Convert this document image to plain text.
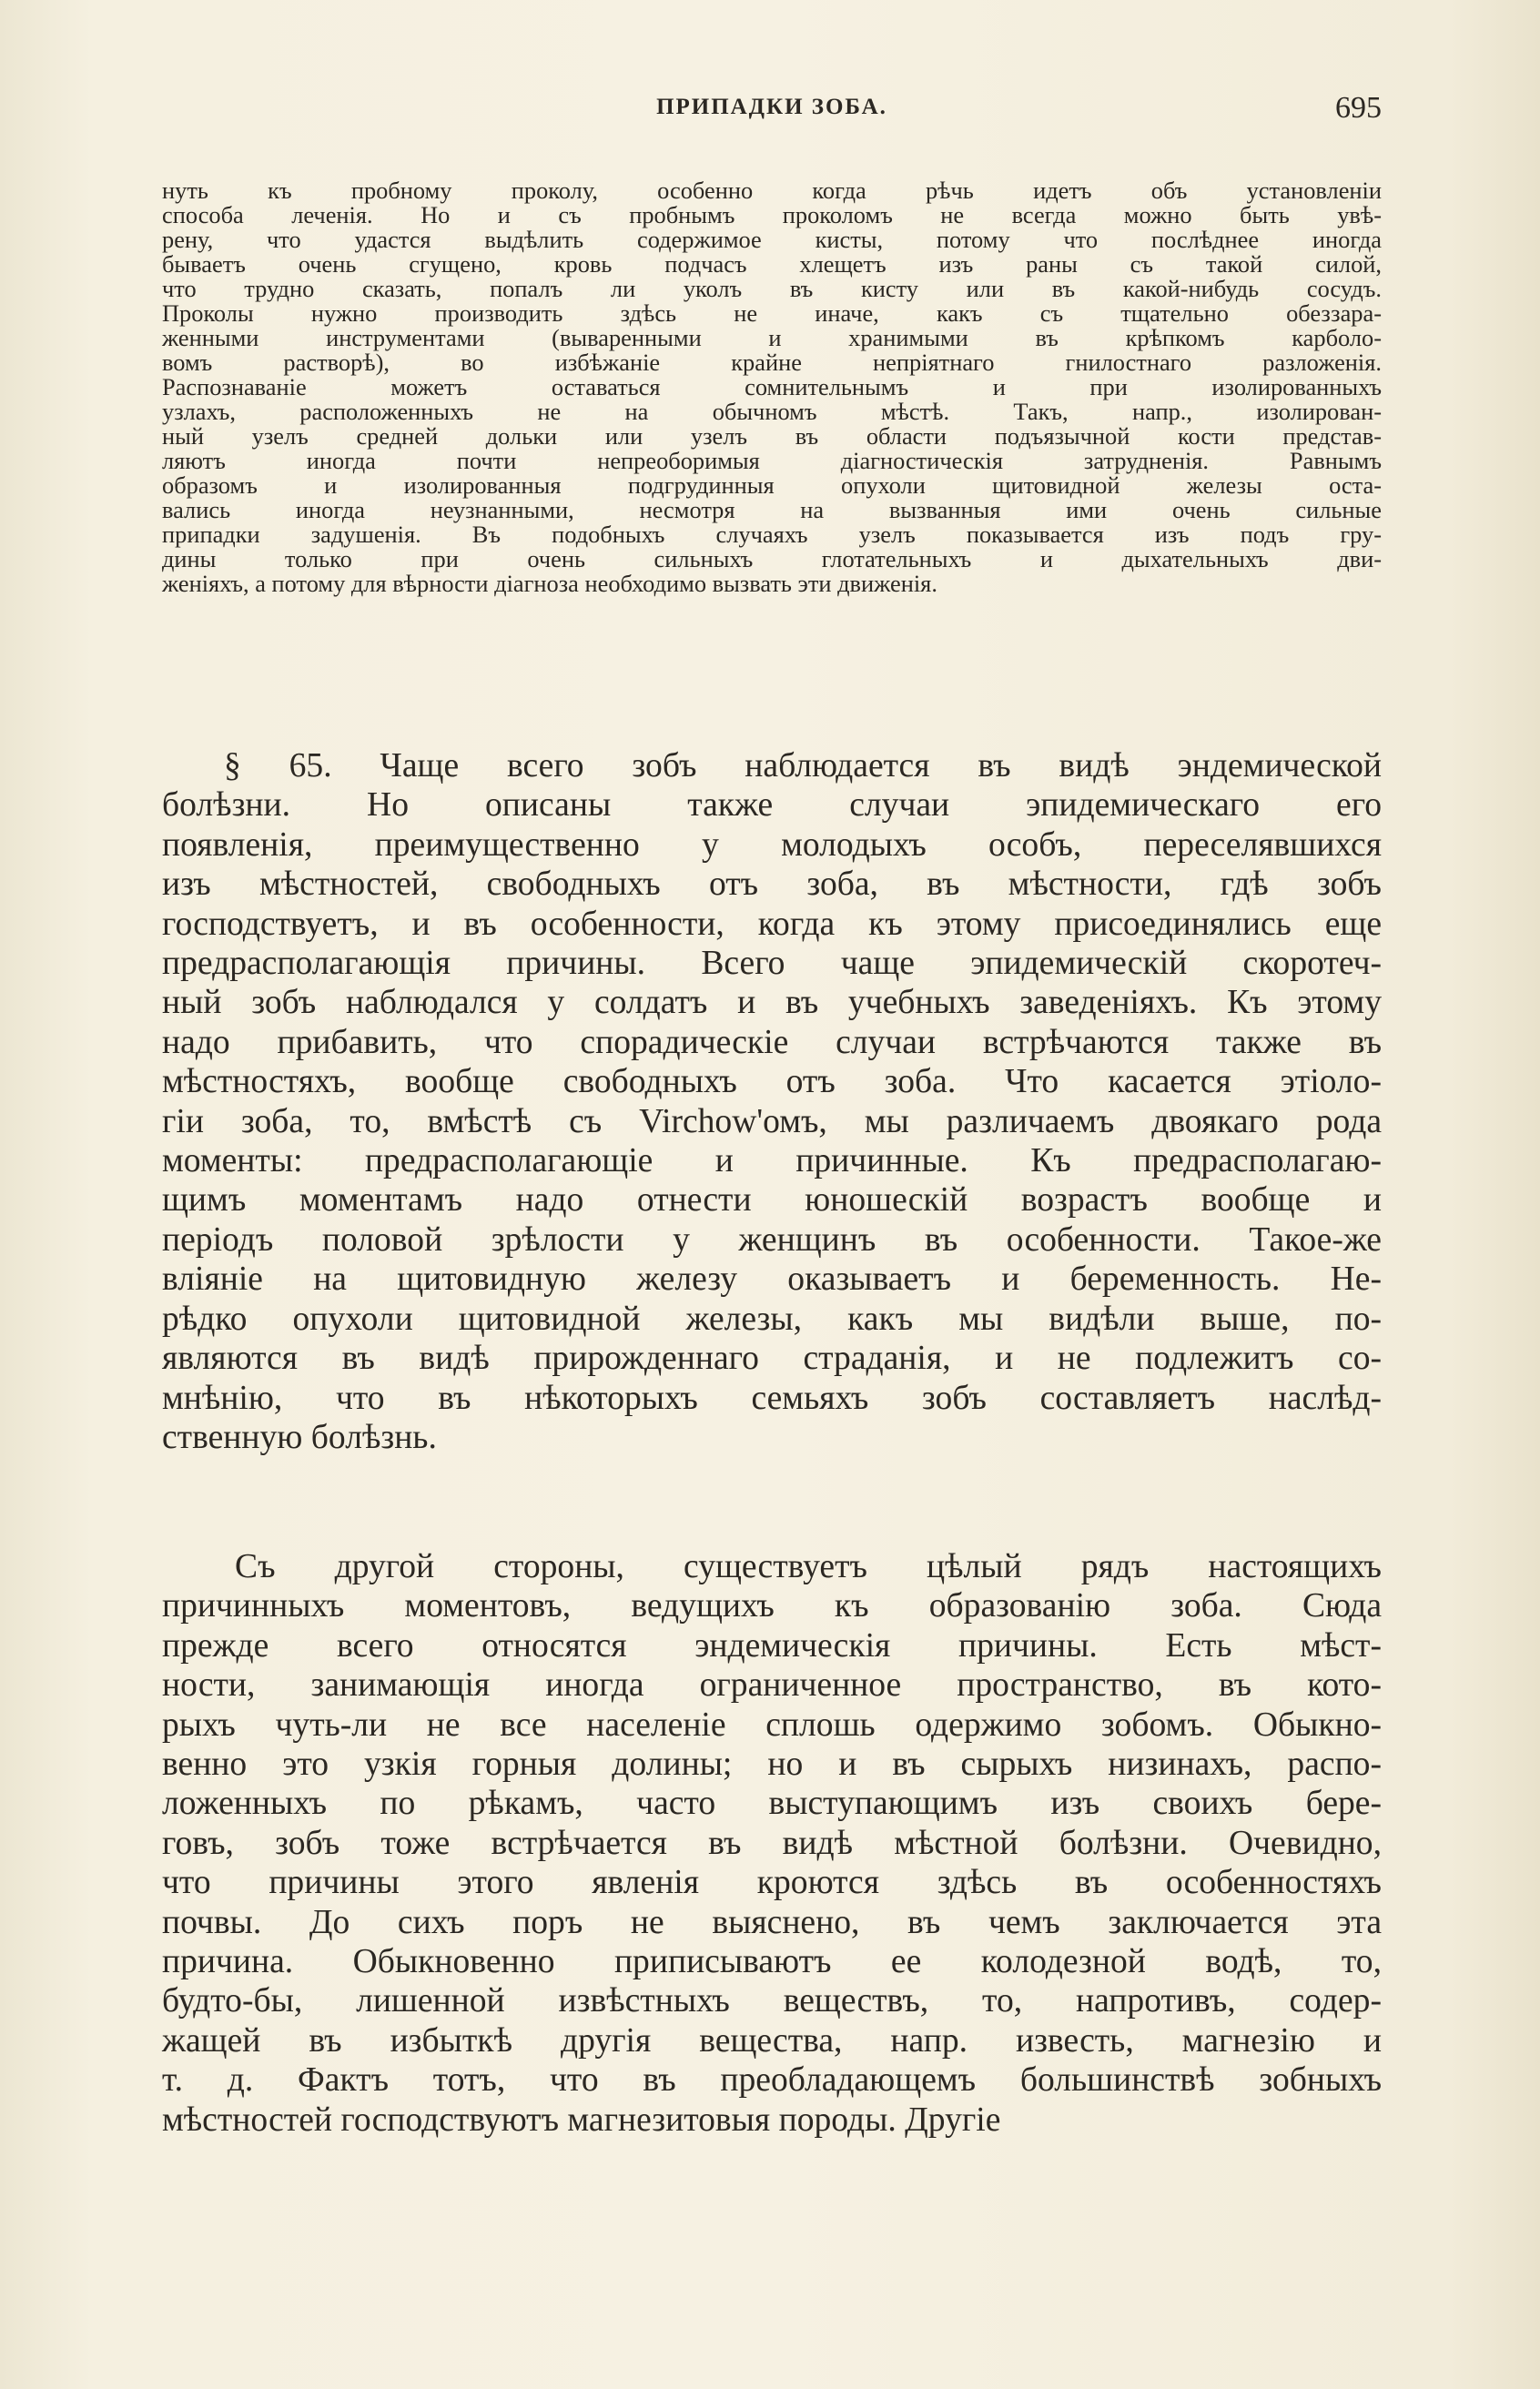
ПРИПАДКИ ЗОБА.	695
нуть къ пробному проколу, особенно когда рѣчь идетъ объ установленіи
способа леченія. Но и съ пробнымъ проколомъ не всегда можно быть увѣ-
рену, что удастся выдѣлить содержимое кисты, потому что послѣднее иногда
бываетъ очень сгущено, кровь подчасъ хлещетъ изъ раны съ такой силой,
что трудно сказать, попалъ ли уколъ въ кисту или въ какой-нибудь сосудъ.
Проколы нужно производить здѣсь не иначе, какъ съ тщательно обеззара-
женными инструментами (вываренными и хранимыми въ крѣпкомъ карболо-
вомъ растворѣ), во избѣжаніе крайне непріятнаго гнилостнаго разложенія.
Распознаваніе можетъ оставаться сомнительнымъ и при изолированныхъ
узлахъ, расположенныхъ не на обычномъ мѣстѣ. Такъ, напр., изолирован-
ный узелъ средней дольки или узелъ въ области подъязычной кости представ-
ляютъ иногда почти непреоборимыя діагностическія затрудненія. Равнымъ
образомъ и изолированныя подгрудинныя опухоли щитовидной железы оста-
вались иногда неузнанными, несмотря на вызванныя ими очень сильные
припадки задушенія. Въ подобныхъ случаяхъ узелъ показывается изъ подъ гру-
дины только при очень сильныхъ глотательныхъ и дыхательныхъ дви-
женіяхъ, а потому для вѣрности діагноза необходимо вызвать эти движенія.
§ 65. Чаще всего зобъ наблюдается въ видѣ эндемической
болѣзни. Но описаны также случаи эпидемическаго его
появленія, преимущественно у молодыхъ особъ, переселявшихся
изъ мѣстностей, свободныхъ отъ зоба, въ мѣстности, гдѣ зобъ
господствуетъ, и въ особенности, когда къ этому присоединялись еще
предрасполагающія причины. Всего чаще эпидемическій скоротеч-
ный зобъ наблюдался у солдатъ и въ учебныхъ заведеніяхъ. Къ этому
надо прибавить, что спорадическіе случаи встрѣчаются также въ
мѣстностяхъ, вообще свободныхъ отъ зоба. Что касается этіоло-
гіи зоба, то, вмѣстѣ съ Virchow'омъ, мы различаемъ двоякаго рода
моменты: предрасполагающіе и причинные. Къ предрасполагаю-
щимъ моментамъ надо отнести юношескій возрастъ вообще и
періодъ половой зрѣлости у женщинъ въ особенности. Такое-же
вліяніе на щитовидную железу оказываетъ и беременность. Не-
рѣдко опухоли щитовидной железы, какъ мы видѣли выше, по-
являются въ видѣ прирожденнаго страданія, и не подлежитъ со-
мнѣнію, что въ нѣкоторыхъ семьяхъ зобъ составляетъ наслѣд-
ственную болѣзнь.
Съ другой стороны, существуетъ цѣлый рядъ настоящихъ
причинныхъ моментовъ, ведущихъ къ образованію зоба. Сюда
прежде всего относятся эндемическія причины. Есть мѣст-
ности, занимающія иногда ограниченное пространство, въ кото-
рыхъ чуть-ли не все населеніе сплошь одержимо зобомъ. Обыкно-
венно это узкія горныя долины; но и въ сырыхъ низинахъ, распо-
ложенныхъ по рѣкамъ, часто выступающимъ изъ своихъ бере-
говъ, зобъ тоже встрѣчается въ видѣ мѣстной болѣзни. Очевидно,
что причины этого явленія кроются здѣсь въ особенностяхъ
почвы. До сихъ поръ не выяснено, въ чемъ заключается эта
причина. Обыкновенно приписываютъ ее колодезной водѣ, то,
будто-бы, лишенной извѣстныхъ веществъ, то, напротивъ, содер-
жащей въ избыткѣ другія вещества, напр. известь, магнезію и
т. д. Фактъ тотъ, что въ преобладающемъ большинствѣ зобныхъ
мѣстностей господствуютъ магнезитовыя породы. Другіе
